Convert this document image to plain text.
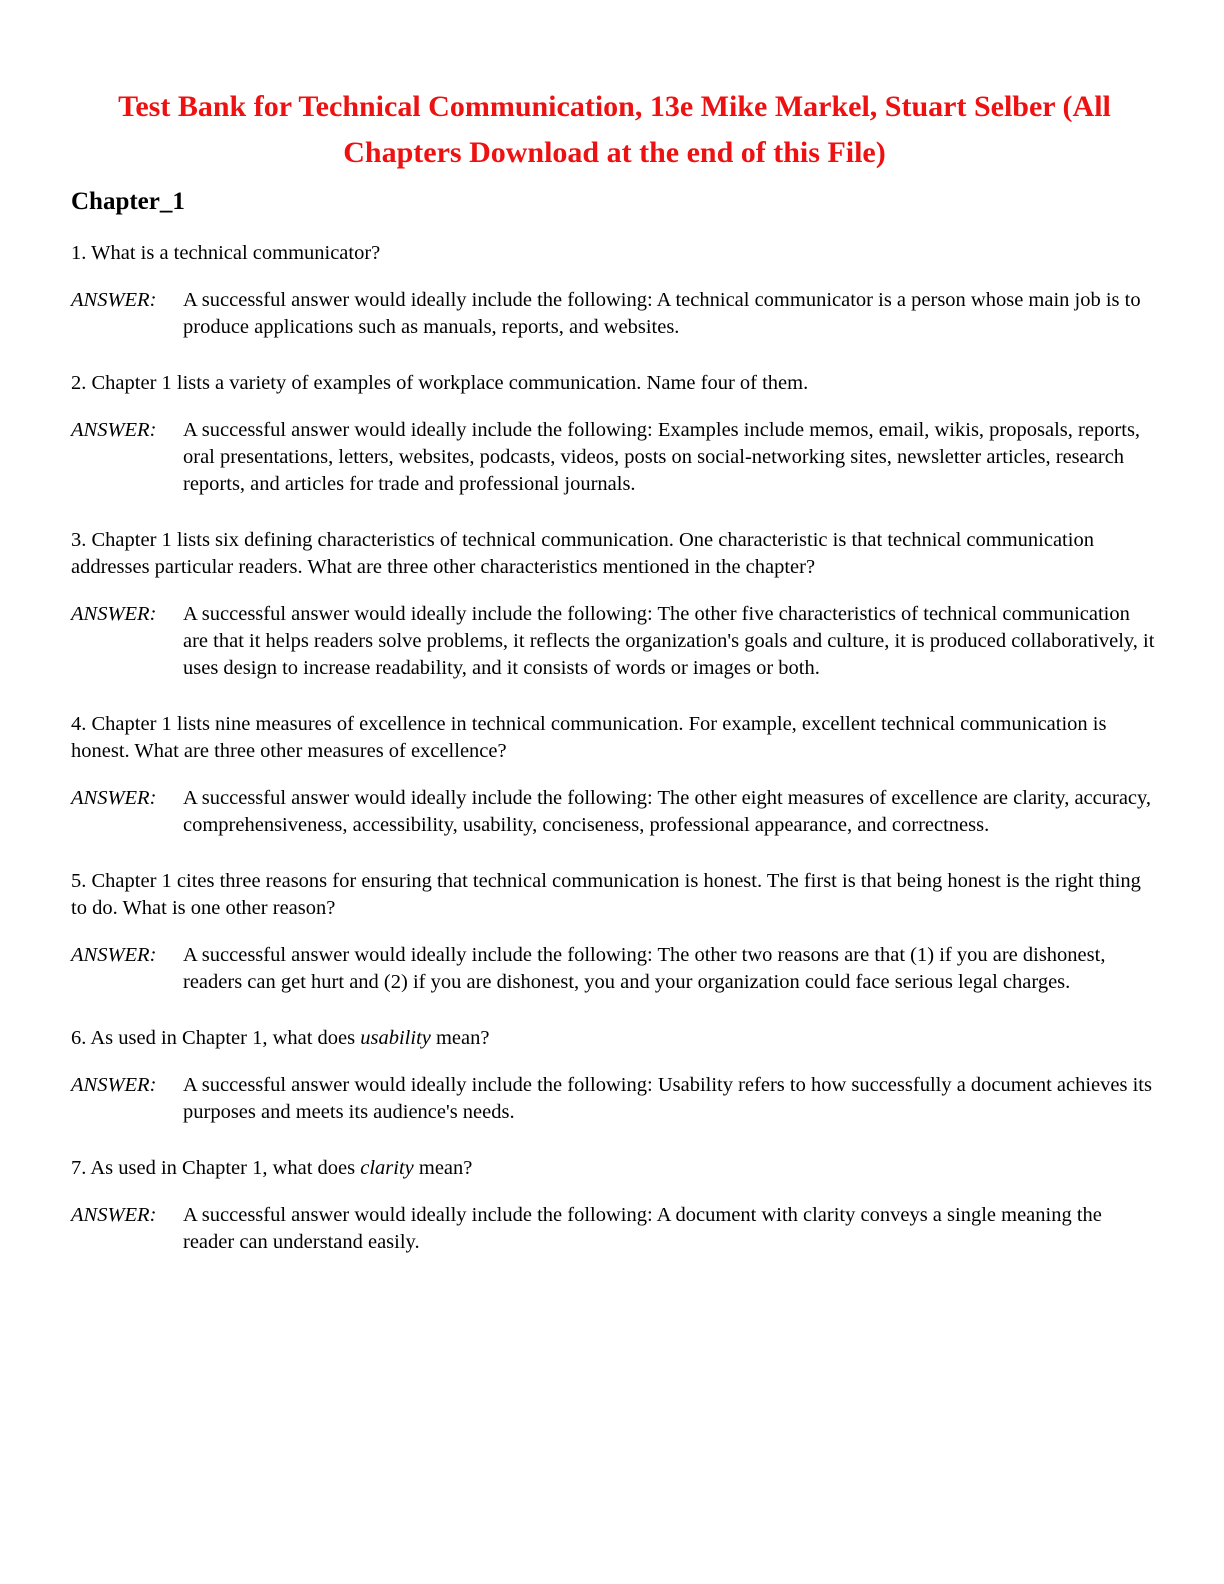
Test Bank for Technical Communication, 13e Mike Markel, Stuart Selber (All Chapters Download at the end of this File)
Chapter_1

1. What is a technical communicator?

ANSWER:	A successful answer would ideally include the following: A technical communicator is a person whose main job is to produce applications such as manuals, reports, and websites.

2. Chapter 1 lists a variety of examples of workplace communication. Name four of them.

ANSWER:	A successful answer would ideally include the following: Examples include memos, email, wikis, proposals, reports, oral presentations, letters, websites, podcasts, videos, posts on social-networking sites, newsletter articles, research reports, and articles for trade and professional journals.

3. Chapter 1 lists six defining characteristics of technical communication. One characteristic is that technical communication addresses particular readers. What are three other characteristics mentioned in the chapter?

ANSWER:	A successful answer would ideally include the following: The other five characteristics of technical communication are that it helps readers solve problems, it reflects the organization's goals and culture, it is produced collaboratively, it uses design to increase readability, and it consists of words or images or both.

4. Chapter 1 lists nine measures of excellence in technical communication. For example, excellent technical communication is honest. What are three other measures of excellence?

ANSWER:	A successful answer would ideally include the following: The other eight measures of excellence are clarity, accuracy, comprehensiveness, accessibility, usability, conciseness, professional appearance, and correctness.

5. Chapter 1 cites three reasons for ensuring that technical communication is honest. The first is that being honest is the right thing to do. What is one other reason?

ANSWER:	A successful answer would ideally include the following: The other two reasons are that (1) if you are dishonest, readers can get hurt and (2) if you are dishonest, you and your organization could face serious legal charges.

6. As used in Chapter 1, what does usability mean?

ANSWER:	A successful answer would ideally include the following: Usability refers to how successfully a document achieves its purposes and meets its audience's needs.

7. As used in Chapter 1, what does clarity mean?

ANSWER:	A successful answer would ideally include the following: A document with clarity conveys a single meaning the reader can understand easily.
